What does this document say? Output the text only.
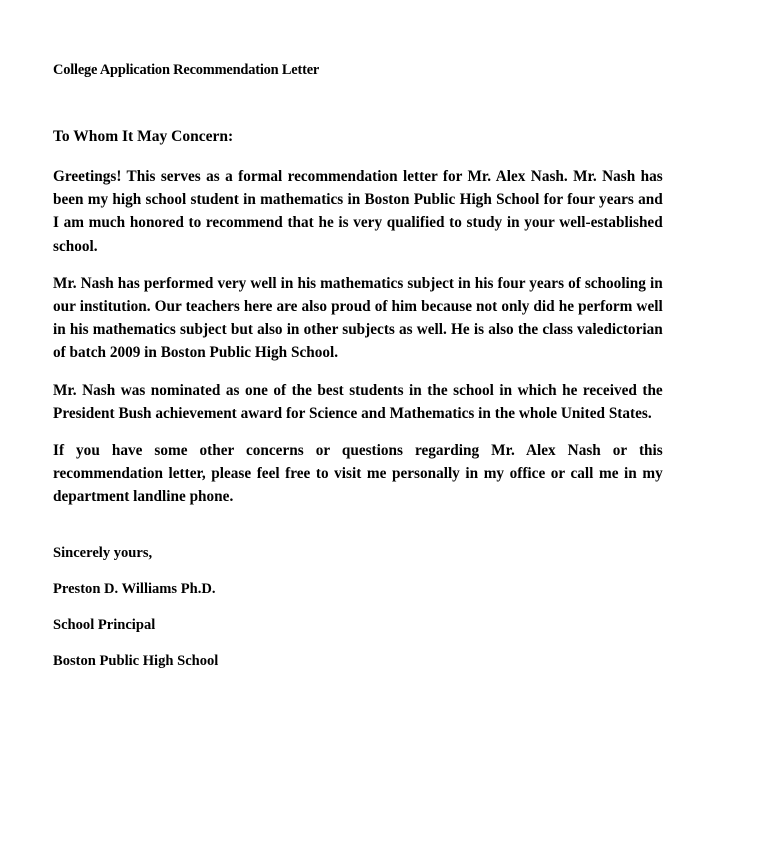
College Application Recommendation Letter

To Whom It May Concern:

Greetings! This serves as a formal recommendation letter for Mr. Alex Nash. Mr. Nash has been my high school student in mathematics in Boston Public High School for four years and I am much honored to recommend that he is very qualified to study in your well-established school.

Mr. Nash has performed very well in his mathematics subject in his four years of schooling in our institution. Our teachers here are also proud of him because not only did he perform well in his mathematics subject but also in other subjects as well. He is also the class valedictorian of batch 2009 in Boston Public High School.

Mr. Nash was nominated as one of the best students in the school in which he received the President Bush achievement award for Science and Mathematics in the whole United States.

If you have some other concerns or questions regarding Mr. Alex Nash or this recommendation letter, please feel free to visit me personally in my office or call me in my department landline phone.

Sincerely yours,

Preston D. Williams Ph.D.

School Principal

Boston Public High School
